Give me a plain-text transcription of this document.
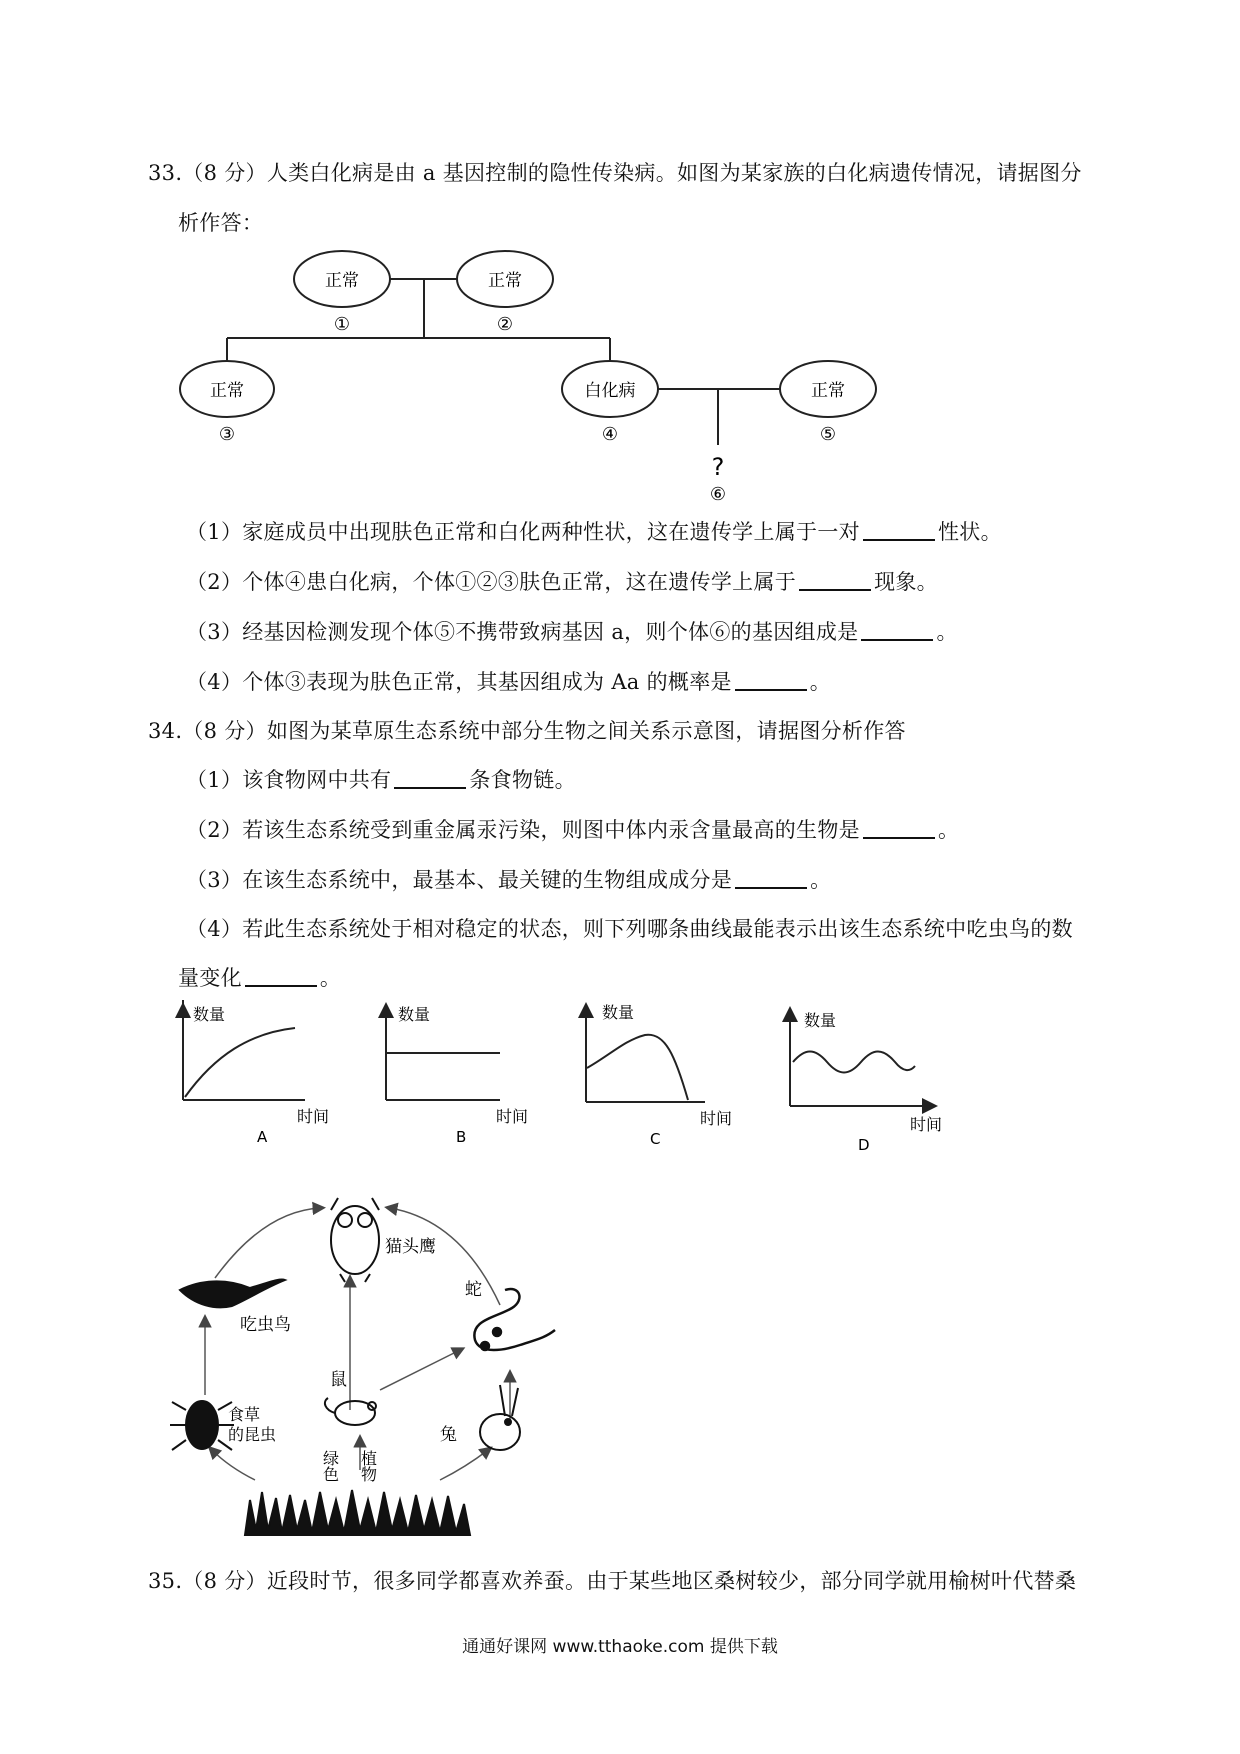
33.（8 分）人类白化病是由 a 基因控制的隐性传染病。如图为某家族的白化病遗传情况，请据图分
析作答：
正常	正常
正常	白化病	正常
①	②
③	④	⑤
?
⑥
（1）家庭成员中出现肤色正常和白化两种性状，这在遗传学上属于一对	性状。
（2）个体④患白化病，个体①②③肤色正常，这在遗传学上属于	现象。
（3）经基因检测发现个体⑤不携带致病基因 a，则个体⑥的基因组成是	。
（4）个体③表现为肤色正常，其基因组成为 Aa 的概率是	。
34.（8 分）如图为某草原生态系统中部分生物之间关系示意图，请据图分析作答
（1）该食物网中共有	条食物链。
（2）若该生态系统受到重金属汞污染，则图中体内汞含量最高的生物是	。
（3）在该生态系统中，最基本、最关键的生物组成成分是	。
（4）若此生态系统处于相对稳定的状态，则下列哪条曲线最能表示出该生态系统中吃虫鸟的数
量变化	。
数量
时间
A
数量
时间
B
数量
时间
C
数量
时间
D
猫头鹰
吃虫鸟
蛇
鼠
兔
食草
的昆虫
绿色 植物
35.（8 分）近段时节，很多同学都喜欢养蚕。由于某些地区桑树较少，部分同学就用榆树叶代替桑
通通好课网 www.tthaoke.com 提供下载
